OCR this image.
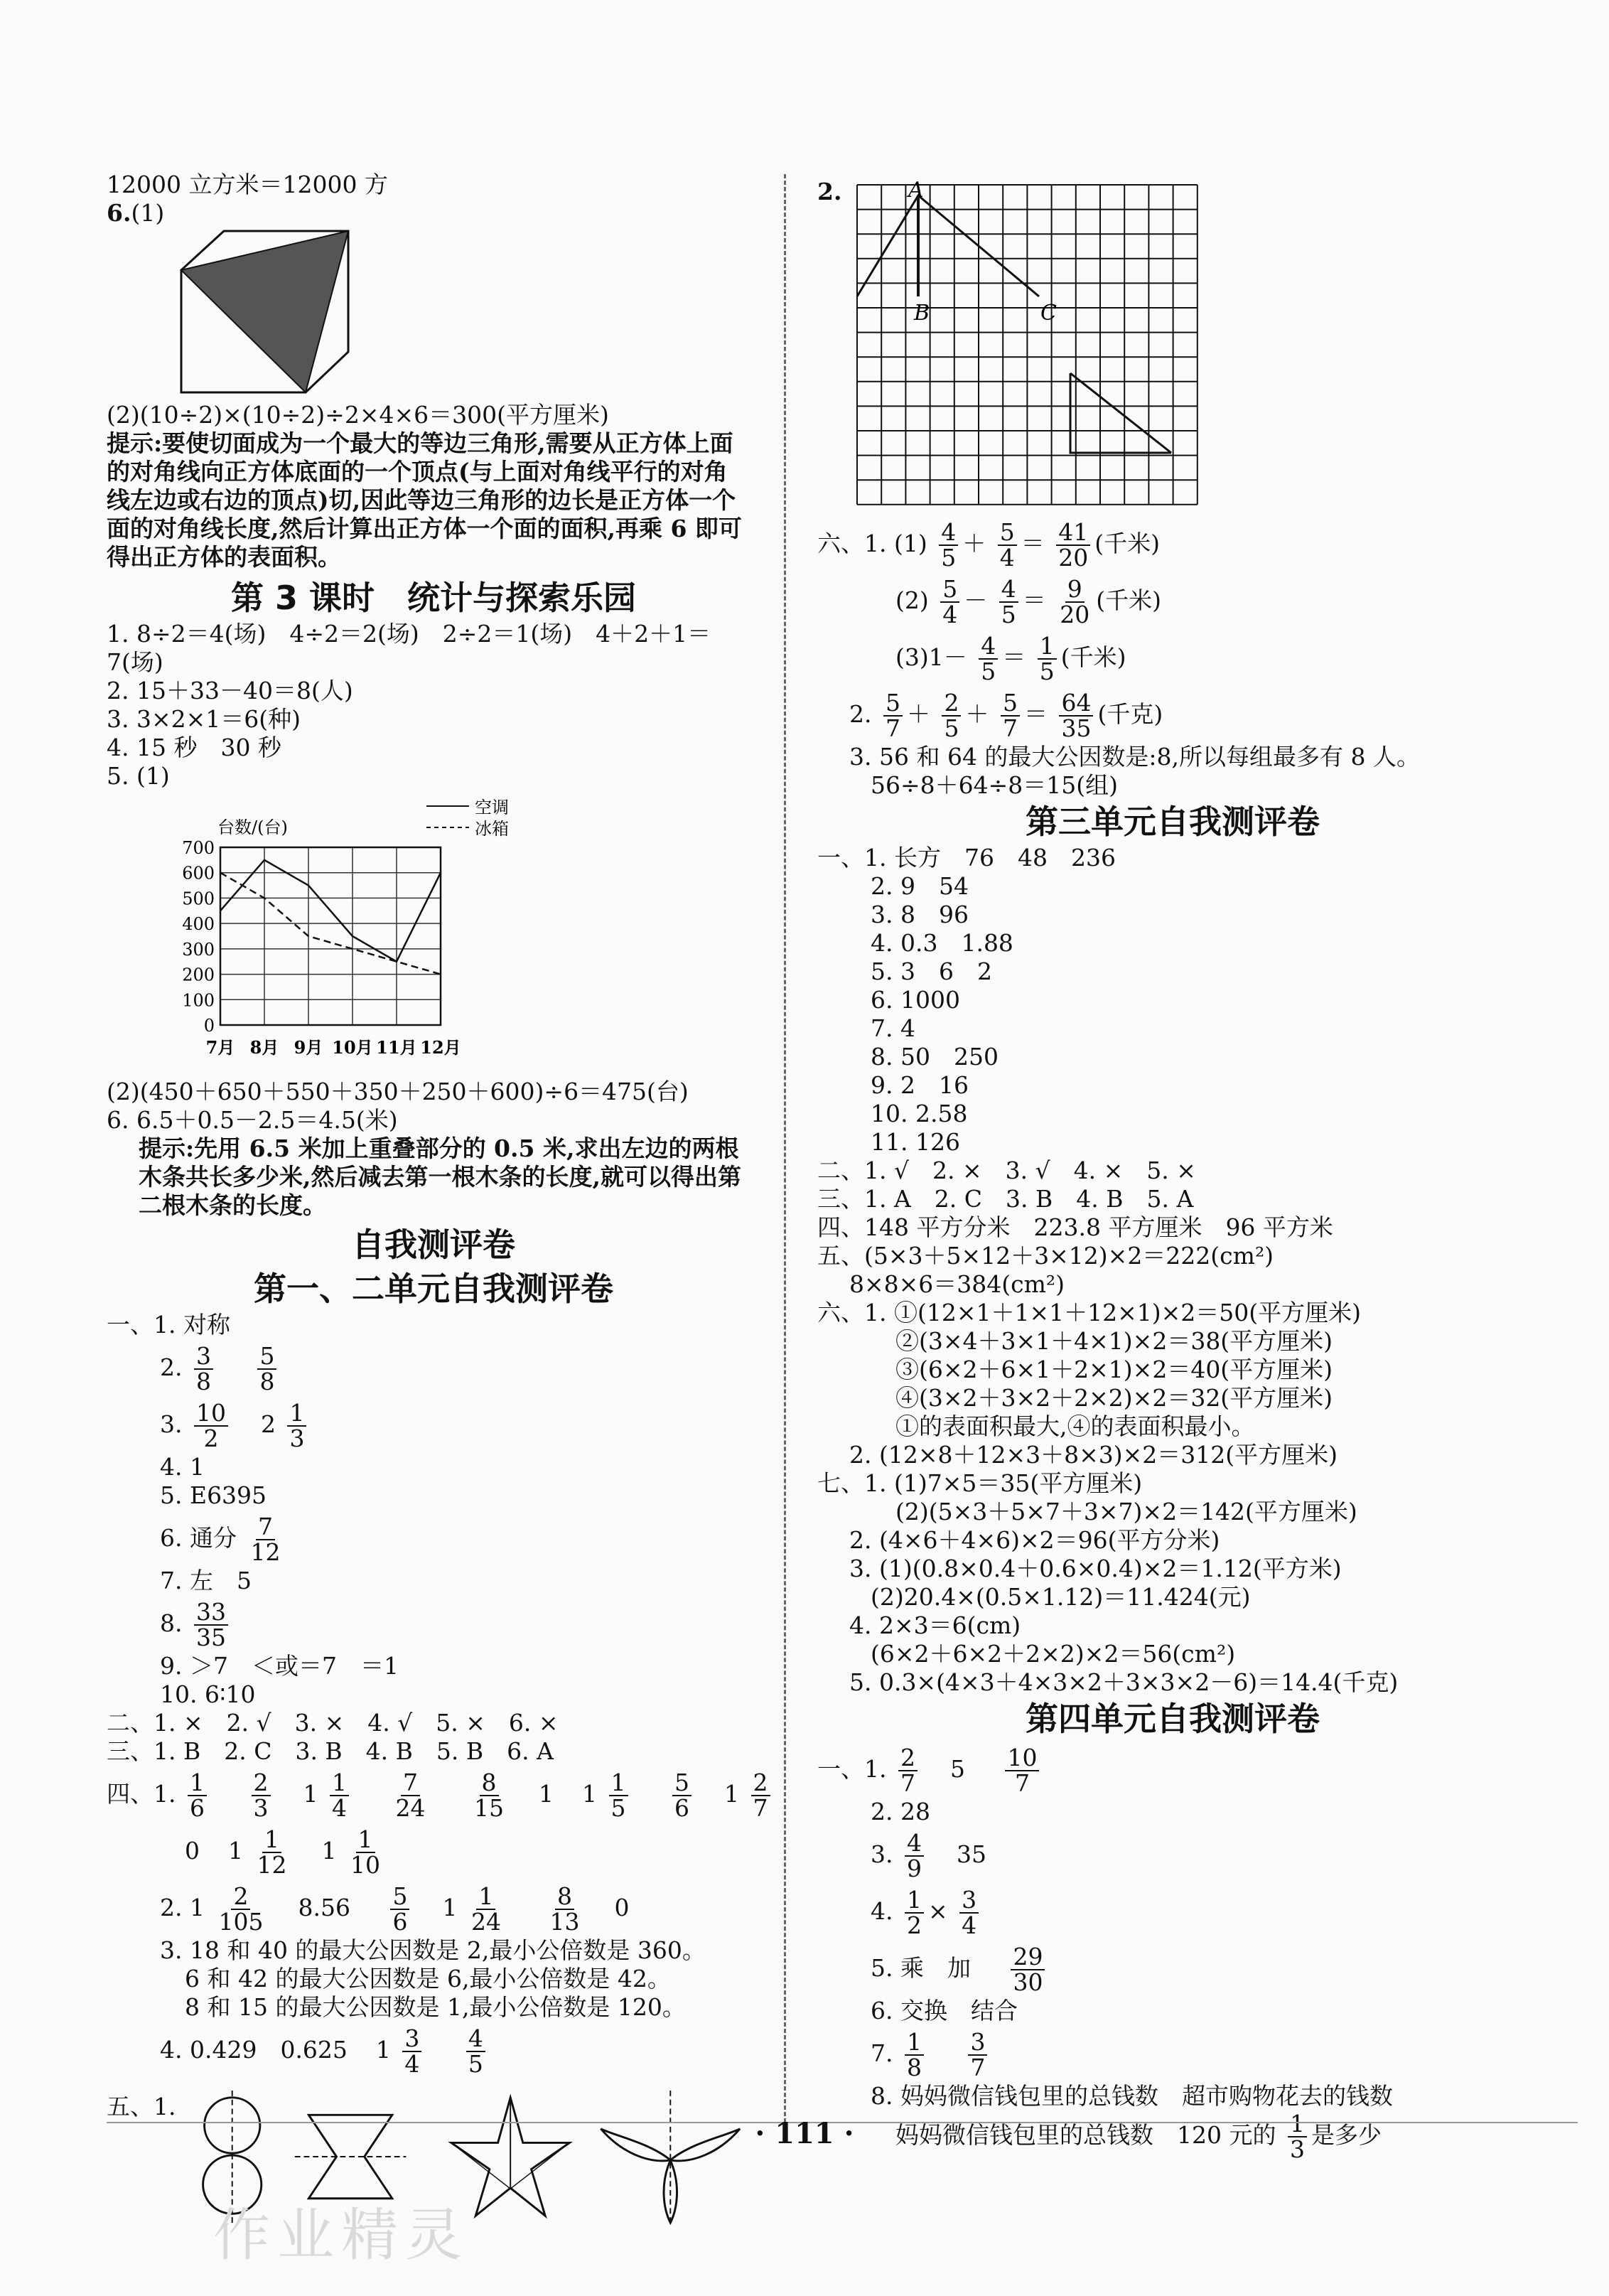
12000 立方米＝12000 方

6.(1)

(2)(10÷2)×(10÷2)÷2×4×6＝300(平方厘米)

提示:要使切面成为一个最大的等边三角形,需要从正方体上面的对角线向正方体底面的一个顶点(与上面对角线平行的对角线左边或右边的顶点)切,因此等边三角形的边长是正方体一个面的对角线长度,然后计算出正方体一个面的面积,再乘 6 即可得出正方体的表面积。

第 3 课时　统计与探索乐园

1. 8÷2＝4(场)　4÷2＝2(场)　2÷2＝1(场)　4＋2＋1＝

7(场)

2. 15＋33－40＝8(人)

3. 3×2×1＝6(种)

4. 15 秒　30 秒

5. (1)

0
100
200
300
400
500
600
700
7月 8月 9月 10月 11月 12月
台数/(台)
空调
冰箱

(2)(450＋650＋550＋350＋250＋600)÷6＝475(台)

6. 6.5＋0.5－2.5＝4.5(米)

提示:先用 6.5 米加上重叠部分的 0.5 米,求出左边的两根木条共长多少米,然后减去第一根木条的长度,就可以得出第二根木条的长度。

自我测评卷

第一、二单元自我测评卷

一、1. 对称

2. $\frac{3}{8}$
$\frac{5}{8}$
3. $\frac{10}{2} 2 \frac{1}{3}$

4. 1

5. E6395

6. 通分 $\frac{7}{12}$

7. 左　5

8. $\frac{33}{35}$

9. ＞7　＜或＝7　＝1

10. 6∶10

二、1. ×　2. √　3. ×　4. √　5. ×　6. ×

三、1. B　2. C　3. B　4. B　5. B　6. A

四、1. $\frac{1}{6}$
$\frac{2}{3} 1 \frac{1}{4}$
$\frac{7}{24}$
$\frac{8}{15} 1$ $1 \frac{1}{5}$
$\frac{5}{6} 1 \frac{2}{7}$
0 $1 \frac{1}{12} 1 \frac{1}{10}$
2. $1 \frac{2}{105} 8.56 \frac{5}{6} 1 \frac{1}{24}$
$\frac{8}{13} 0$

3. 18 和 40 的最大公因数是 2,最小公倍数是 360。

6 和 42 的最大公因数是 6,最小公倍数是 42。

8 和 15 的最大公因数是 1,最小公倍数是 120。

4. 0.429　0.625 $1 \frac{3}{4}$
$\frac{4}{5}$

五、1.

2.

B
A
C
六、1. $(1) \frac{4}{5} + \frac{5}{4} = \frac{41}{20}$ (千米)
$(2) \frac{5}{4} - \frac{4}{5} = \frac{9}{20}$ (千米)
$(3)1- \frac{4}{5} = \frac{1}{5}$ (千米)
2. $\frac{5}{7} + \frac{2}{5} + \frac{5}{7} = \frac{64}{35}$ (千克)

3. 56 和 64 的最大公因数是:8,所以每组最多有 8 人。

56÷8＋64÷8＝15(组)

第三单元自我测评卷

一、1. 长方　76　48　236

2. 9　54

3. 8　96

4. 0.3　1.88

5. 3　6　2

6. 1000

7. 4

8. 50　250

9. 2　16

10. 2.58

11. 126

二、1. √　2. ×　3. √　4. ×　5. ×

三、1. A　2. C　3. B　4. B　5. A

四、148 平方分米　223.8 平方厘米　96 平方米

五、(5×3＋5×12＋3×12)×2＝222(cm²)

8×8×6＝384(cm²)

六、1. ①(12×1＋1×1＋12×1)×2＝50(平方厘米)

②(3×4＋3×1＋4×1)×2＝38(平方厘米)

③(6×2＋6×1＋2×1)×2＝40(平方厘米)

④(3×2＋3×2＋2×2)×2＝32(平方厘米)

①的表面积最大,④的表面积最小。

2. (12×8＋12×3＋8×3)×2＝312(平方厘米)

七、1. (1)7×5＝35(平方厘米)

(2)(5×3＋5×7＋3×7)×2＝142(平方厘米)

2. (4×6＋4×6)×2＝96(平方分米)

3. (1)(0.8×0.4＋0.6×0.4)×2＝1.12(平方米)

(2)20.4×(0.5×1.12)＝11.424(元)

4. 2×3＝6(cm)

(6×2＋6×2＋2×2)×2＝56(cm²)

5. 0.3×(4×3＋4×3×2＋3×3×2－6)＝14.4(千克)

第四单元自我测评卷

一、1. $\frac{2}{7} 5 \frac{10}{7}$

2. 28

3. $\frac{4}{9} 35$
4. $\frac{1}{2} \times \frac{3}{4}$
5. 乘　加 $\frac{29}{30}$

6. 交换　结合

7. $\frac{1}{8}$
$\frac{3}{7}$

8. 妈妈微信钱包里的总钱数　超市购物花去的钱数

妈妈微信钱包里的总钱数　120 元的 $\frac{1}{3}$ 是多少
· 111 ·
作业精灵
